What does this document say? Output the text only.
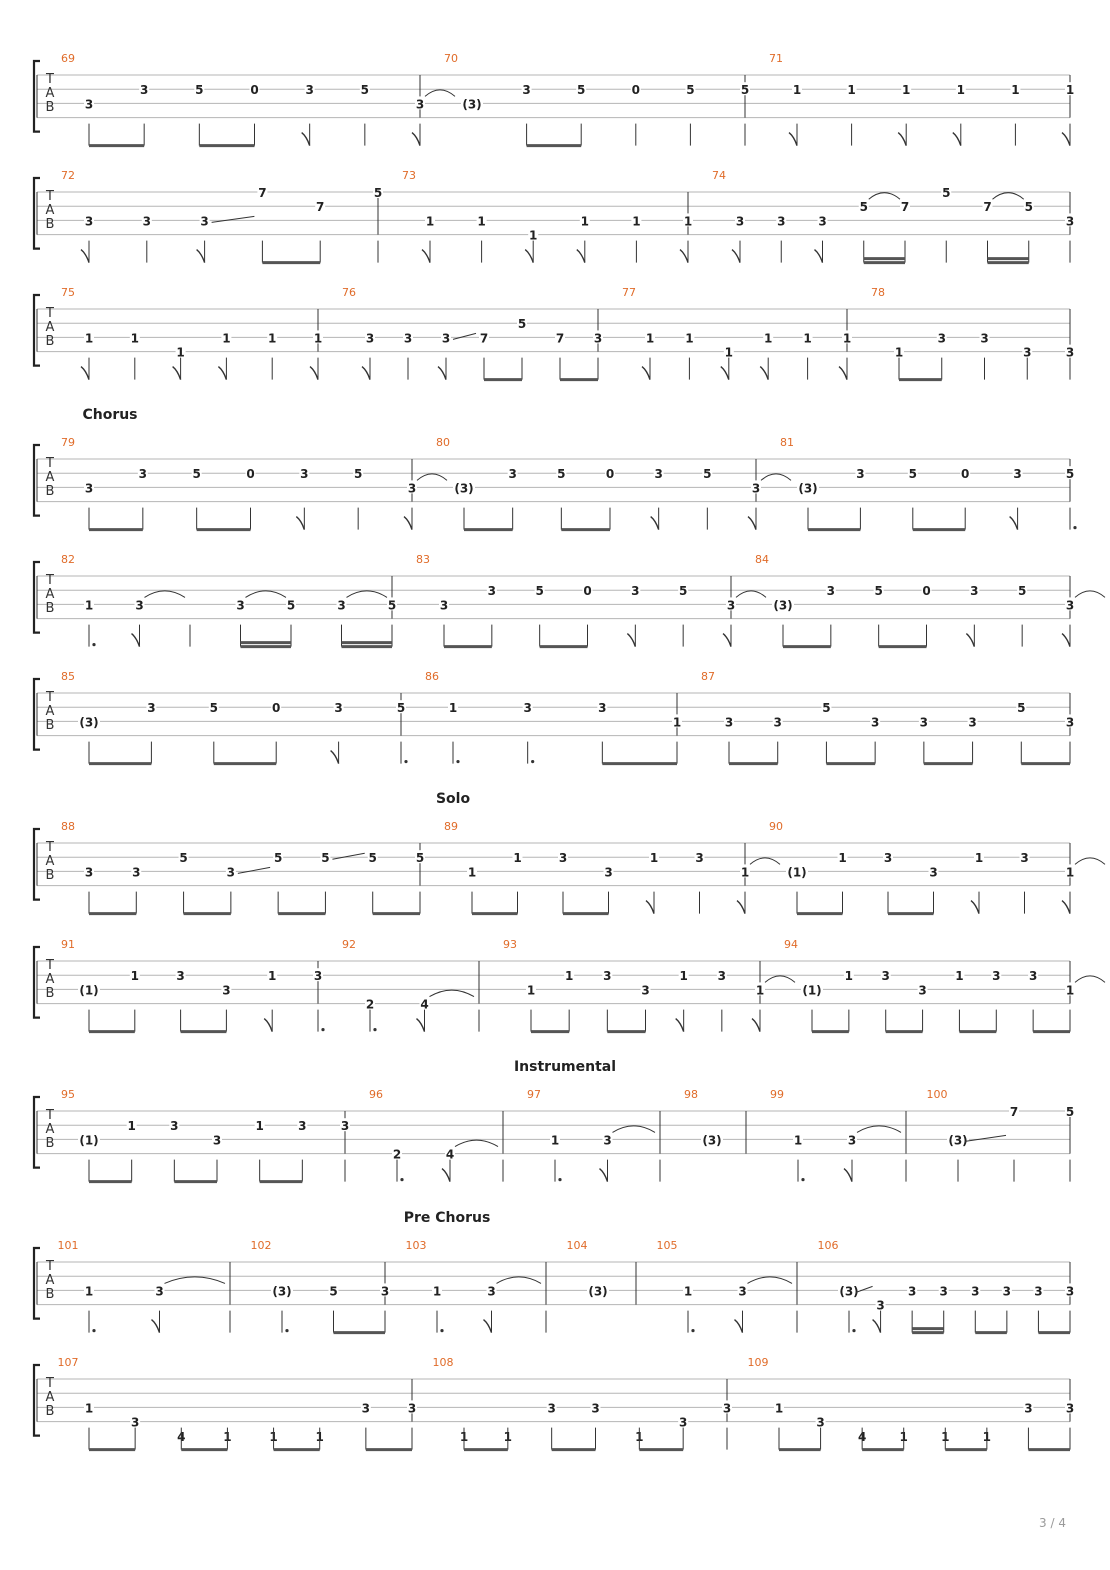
T
A
B
69
3
3	5	0	3	5
3
70
(3)
3	5	0	5	5
71
1	1	1	1	1	1
T
A
B
72
3	3	3
7
7
5
73
1	1
1
1	1	1
74
3	3	3
5	7
5
7	5
3
T
A
B
75
1	1
1
1	1	1
76
3 3 3 7
5
7 3
77
1	1
1
1	1	1
78
1
3	3
3	3
T
A
B
79
3
3	5	0	3	5
3
80
(3)
3	5	0	3	5
3
81
(3)
3	5	0	3	5
T
A
B
82
1	3	3	5	3	5
83
3
3	5	0	3	5
3
84
(3)
3	5	0	3	5
3
T
A
B
85
(3)
3	5	0	3	5
86
1	3	3
1
87
3	3
5
3	3	3
5
3
T
A
B
88
3	3
5
3
5	5	5	5
89
1
1	3
3
1	3
1
90
(1)
1	3
3
1	3
1
T
A
B
91
(1)
1	3
3
1	3
92
2	4
93
1
1 3
3
1 3
1
94
(1)
1 3
3
1 3 3
1
T
A
B
95
(1)
1	3
3
1	3	3
96
2	4
97
1	3
98
(3)
99
1	3
100
(3)
7	5
T
A
B
101
1	3
102
(3)	5	3
103
1	3
104
(3)
105
1	3
106
(3)
3
3 3 3 3 3 3
T
A
B
107
1
3
4	1	1	1
3	3
108
1	1
3	3
1
3
3
109
1
3
4	1	1	1
3	3
Chorus
Solo
Instrumental
Pre Chorus
3 / 4
